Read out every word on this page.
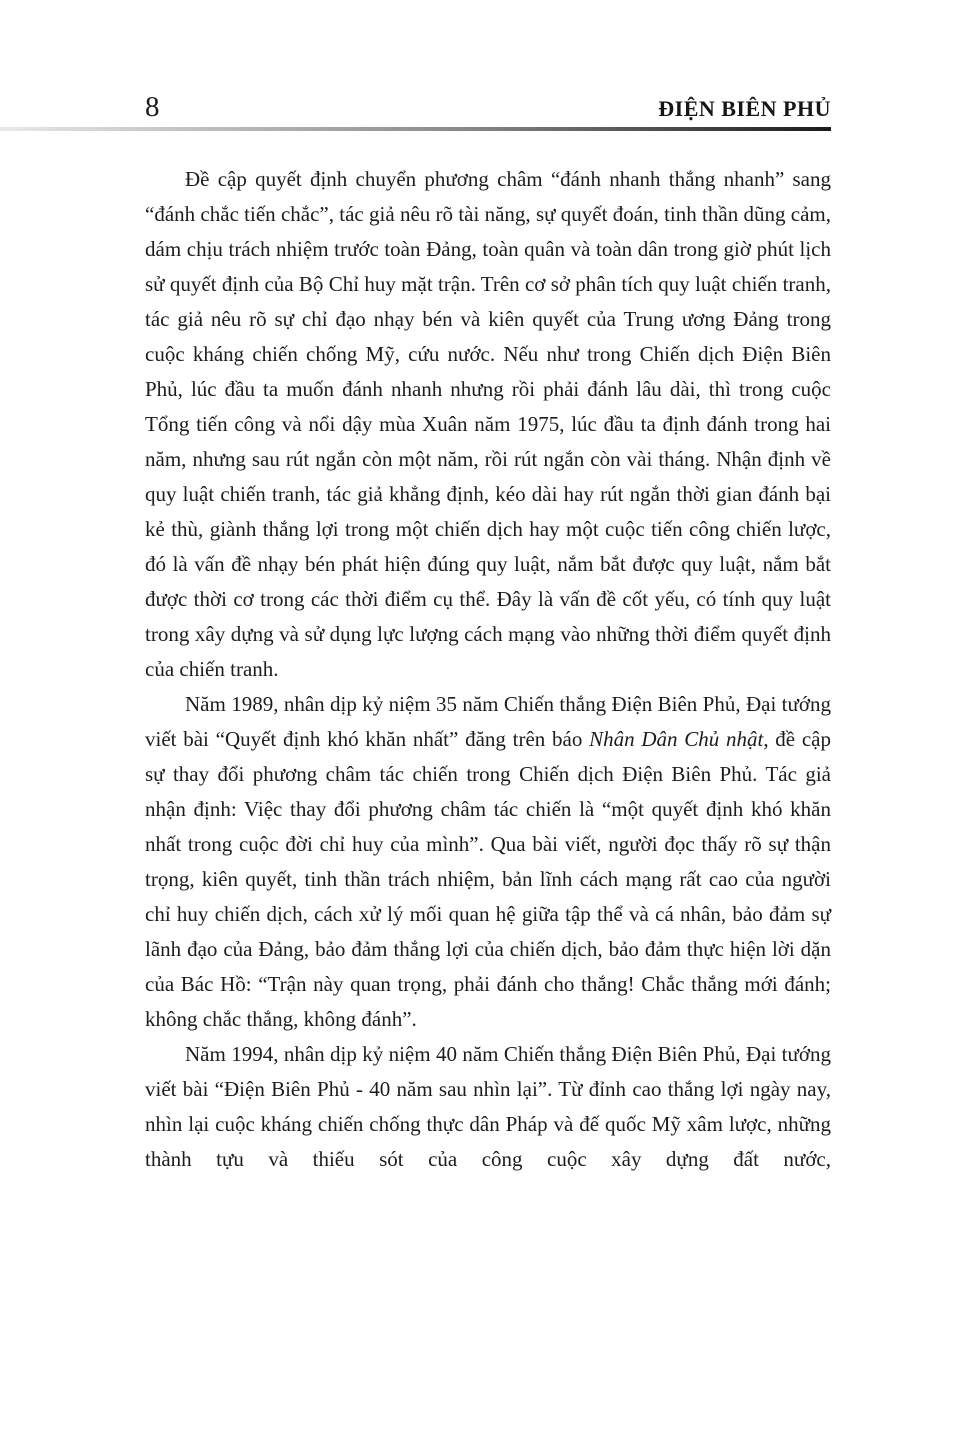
8	ĐIỆN BIÊN PHỦ

Đề cập quyết định chuyển phương châm “đánh nhanh thắng nhanh” sang “đánh chắc tiến chắc”, tác giả nêu rõ tài năng, sự quyết đoán, tinh thần dũng cảm, dám chịu trách nhiệm trước toàn Đảng, toàn quân và toàn dân trong giờ phút lịch sử quyết định của Bộ Chỉ huy mặt trận. Trên cơ sở phân tích quy luật chiến tranh, tác giả nêu rõ sự chỉ đạo nhạy bén và kiên quyết của Trung ương Đảng trong cuộc kháng chiến chống Mỹ, cứu nước. Nếu như trong Chiến dịch Điện Biên Phủ, lúc đầu ta muốn đánh nhanh nhưng rồi phải đánh lâu dài, thì trong cuộc Tổng tiến công và nổi dậy mùa Xuân năm 1975, lúc đầu ta định đánh trong hai năm, nhưng sau rút ngắn còn một năm, rồi rút ngắn còn vài tháng. Nhận định về quy luật chiến tranh, tác giả khẳng định, kéo dài hay rút ngắn thời gian đánh bại kẻ thù, giành thắng lợi trong một chiến dịch hay một cuộc tiến công chiến lược, đó là vấn đề nhạy bén phát hiện đúng quy luật, nắm bắt được quy luật, nắm bắt được thời cơ trong các thời điểm cụ thể. Đây là vấn đề cốt yếu, có tính quy luật trong xây dựng và sử dụng lực lượng cách mạng vào những thời điểm quyết định của chiến tranh.

Năm 1989, nhân dịp kỷ niệm 35 năm Chiến thắng Điện Biên Phủ, Đại tướng viết bài “Quyết định khó khăn nhất” đăng trên báo Nhân Dân Chủ nhật, đề cập sự thay đổi phương châm tác chiến trong Chiến dịch Điện Biên Phủ. Tác giả nhận định: Việc thay đổi phương châm tác chiến là “một quyết định khó khăn nhất trong cuộc đời chỉ huy của mình”. Qua bài viết, người đọc thấy rõ sự thận trọng, kiên quyết, tinh thần trách nhiệm, bản lĩnh cách mạng rất cao của người chỉ huy chiến dịch, cách xử lý mối quan hệ giữa tập thể và cá nhân, bảo đảm sự lãnh đạo của Đảng, bảo đảm thắng lợi của chiến dịch, bảo đảm thực hiện lời dặn của Bác Hồ: “Trận này quan trọng, phải đánh cho thắng! Chắc thắng mới đánh; không chắc thắng, không đánh”.

Năm 1994, nhân dịp kỷ niệm 40 năm Chiến thắng Điện Biên Phủ, Đại tướng viết bài “Điện Biên Phủ - 40 năm sau nhìn lại”. Từ đỉnh cao thắng lợi ngày nay, nhìn lại cuộc kháng chiến chống thực dân Pháp và đế quốc Mỹ xâm lược, những thành tựu và thiếu sót của công cuộc xây dựng đất nước,
